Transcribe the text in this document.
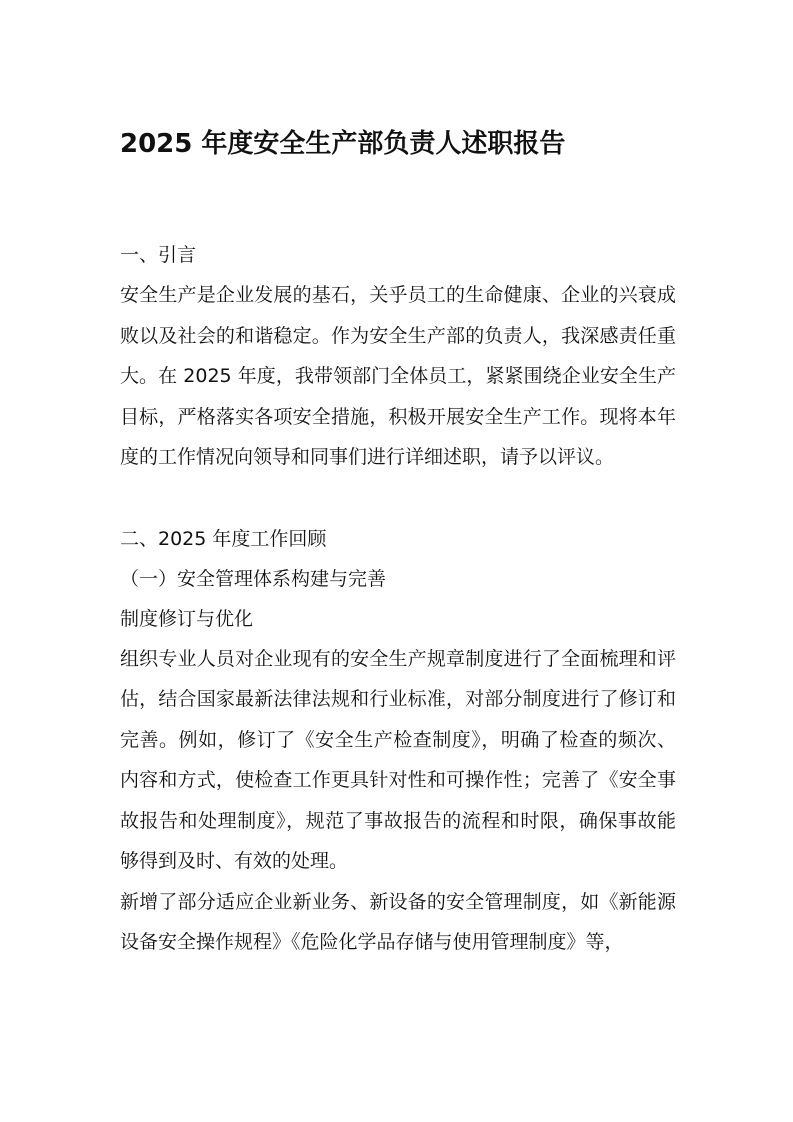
2025 年度安全生产部负责人述职报告

一、引言

安全生产是企业发展的基石，关乎员工的生命健康、企业的兴衰成败以及社会的和谐稳定。作为安全生产部的负责人，我深感责任重大。在 2025 年度，我带领部门全体员工，紧紧围绕企业安全生产目标，严格落实各项安全措施，积极开展安全生产工作。现将本年度的工作情况向领导和同事们进行详细述职，请予以评议。

二、2025 年度工作回顾

（一）安全管理体系构建与完善

制度修订与优化

组织专业人员对企业现有的安全生产规章制度进行了全面梳理和评估，结合国家最新法律法规和行业标准，对部分制度进行了修订和完善。例如，修订了《安全生产检查制度》，明确了检查的频次、内容和方式，使检查工作更具针对性和可操作性；完善了《安全事故报告和处理制度》，规范了事故报告的流程和时限，确保事故能够得到及时、有效的处理。

新增了部分适应企业新业务、新设备的安全管理制度，如《新能源设备安全操作规程》《危险化学品存储与使用管理制度》等，
